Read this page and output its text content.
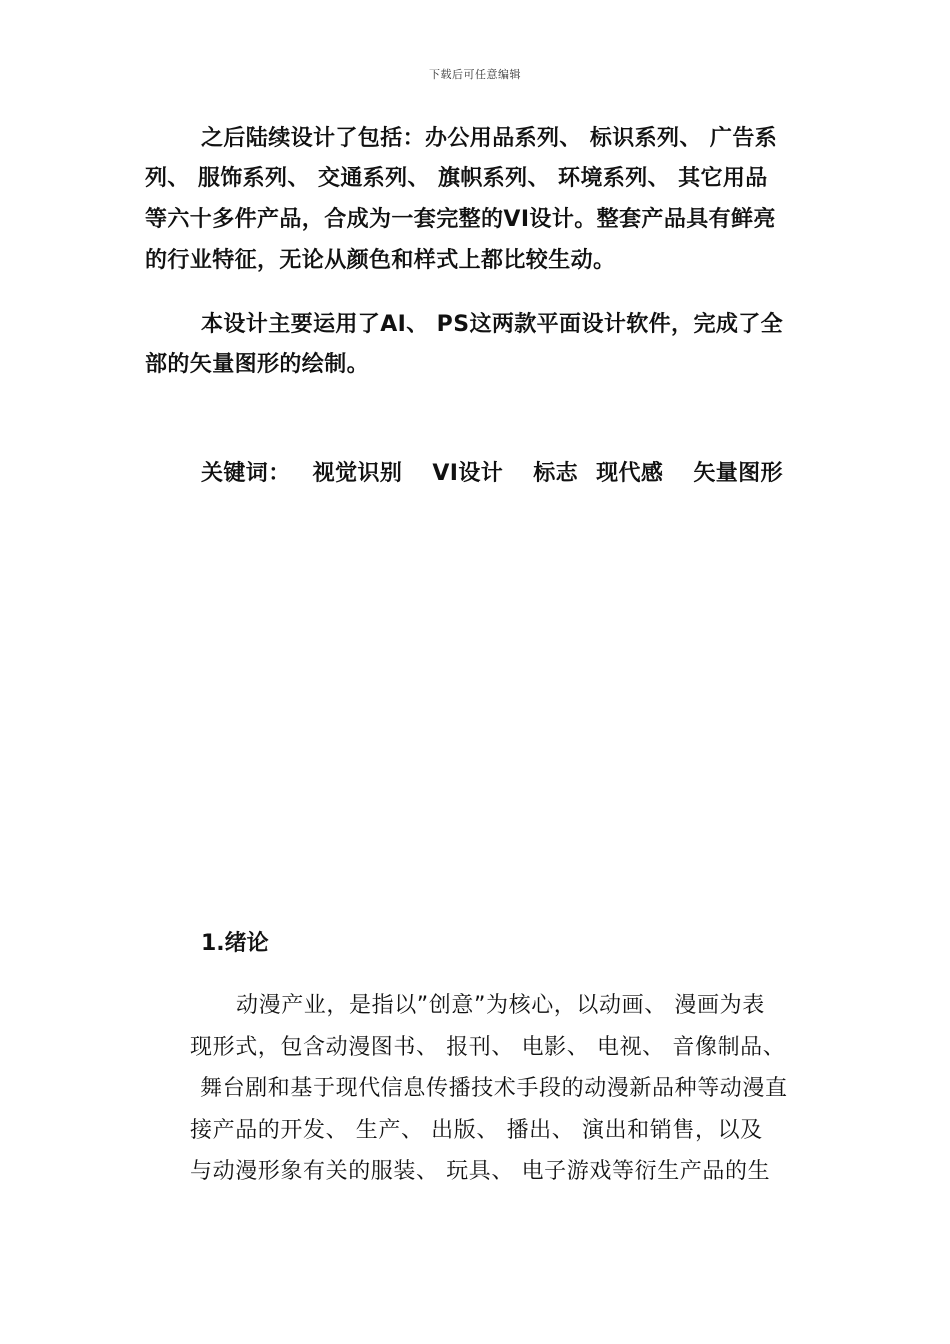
下载后可任意编辑
之后陆续设计了包括：办公用品系列、 标识系列、 广告系
列、 服饰系列、 交通系列、 旗帜系列、 环境系列、 其它用品
等六十多件产品，合成为一套完整的VI设计。整套产品具有鲜亮
的行业特征，无论从颜色和样式上都比较生动。
本设计主要运用了AI、 PS这两款平面设计软件，完成了全
部的矢量图形的绘制。
关键词： 视觉识别 VI设计 标志 现代感 矢量图形
1.绪论
动漫产业，是指以”创意”为核心，以动画、 漫画为表
现形式，包含动漫图书、 报刊、 电影、 电视、 音像制品、
舞台剧和基于现代信息传播技术手段的动漫新品种等动漫直
接产品的开发、 生产、 出版、 播出、 演出和销售，以及
与动漫形象有关的服装、 玩具、 电子游戏等衍生产品的生
